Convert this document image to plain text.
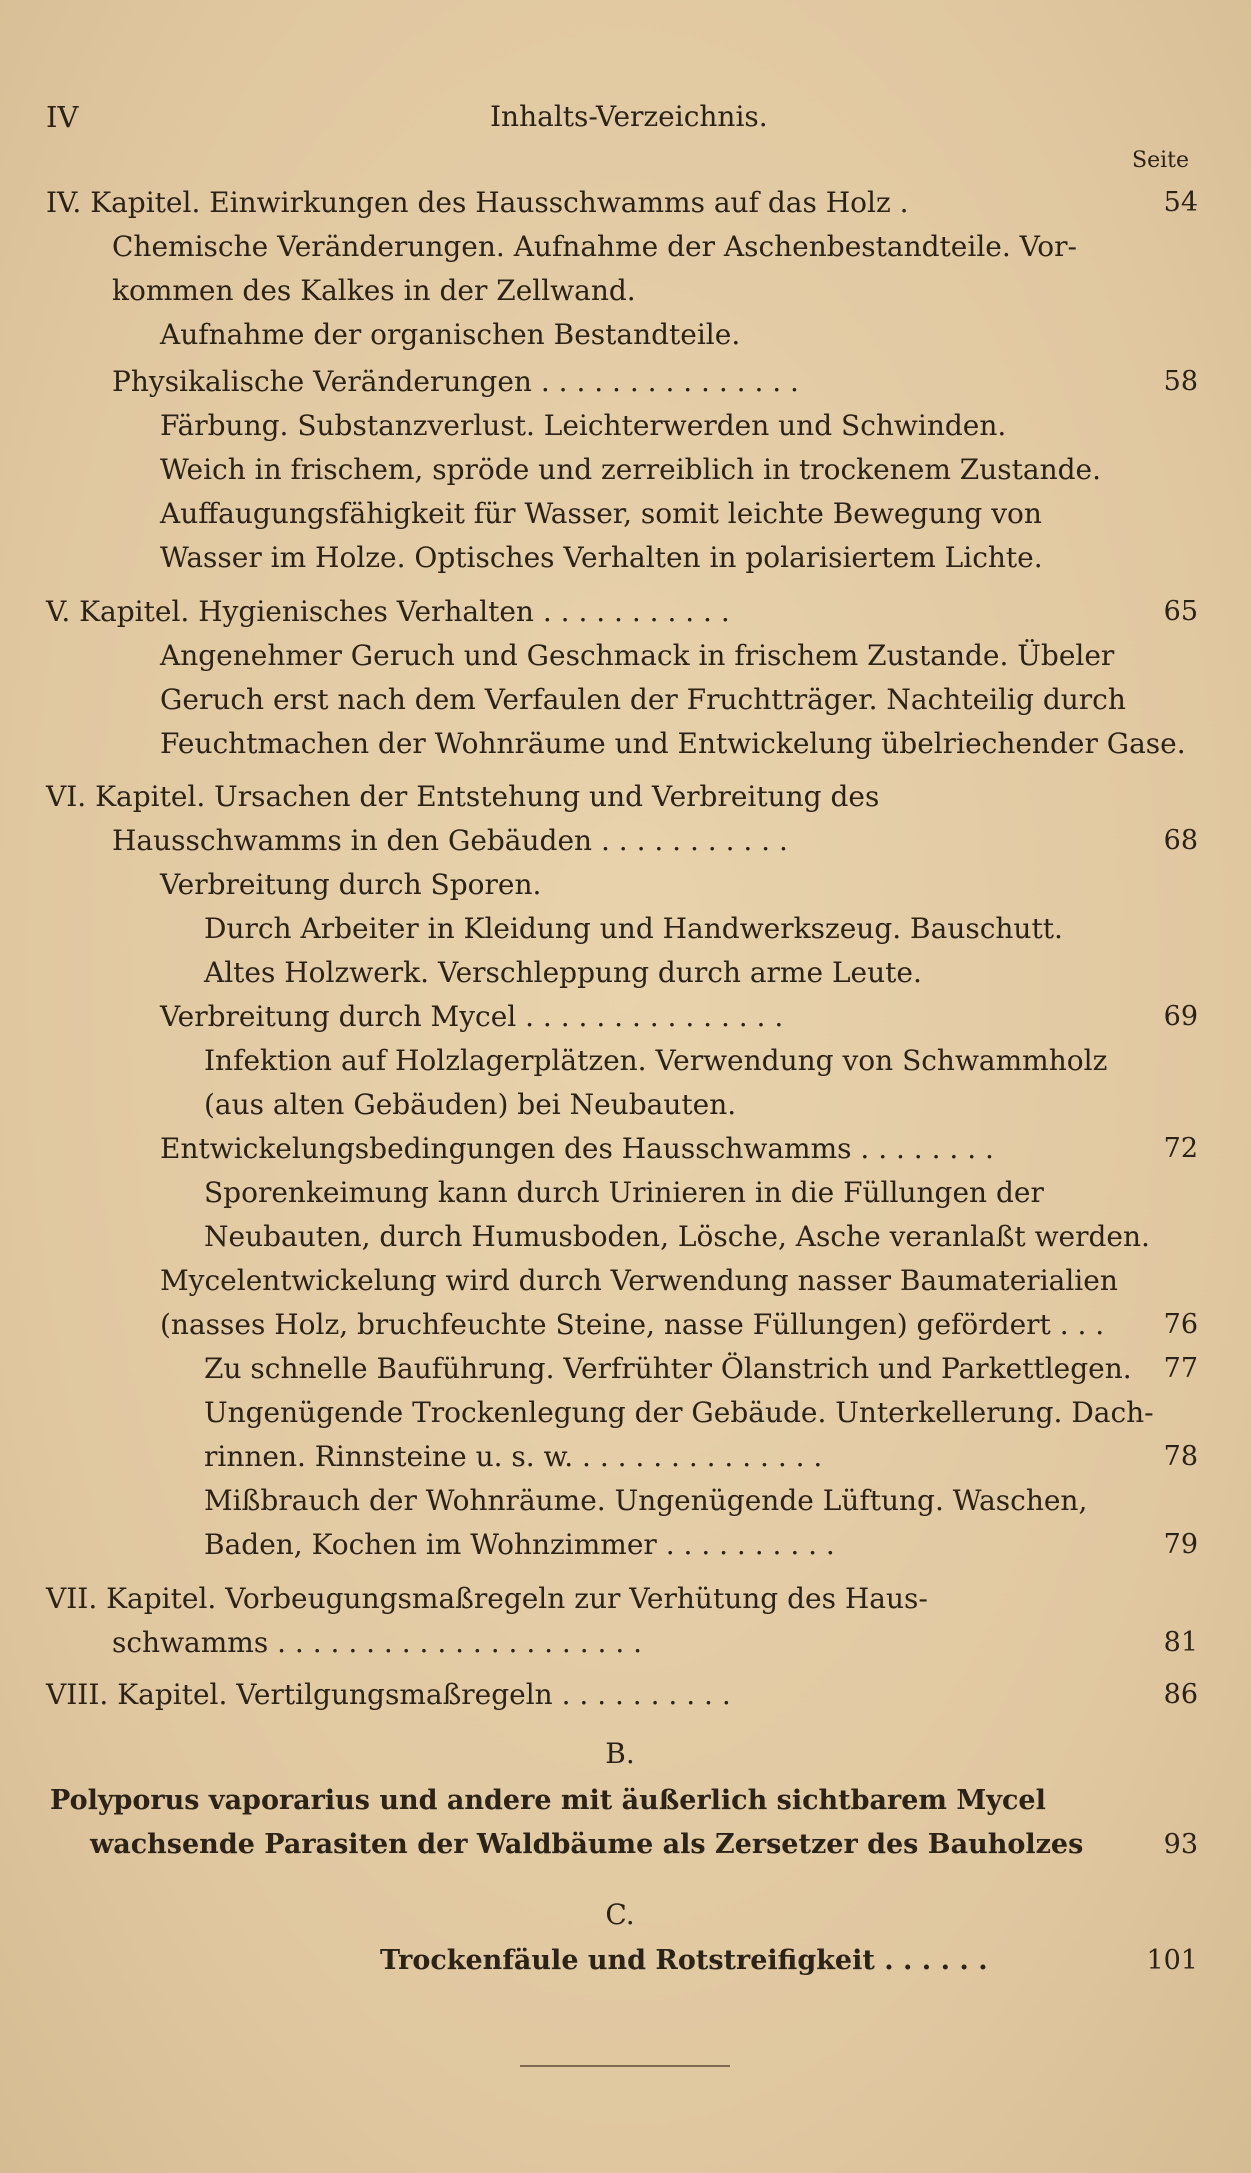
IV	Inhalts-Verzeichnis.
Seite
IV. Kapitel. Einwirkungen des Hausschwamms auf das Holz .	54
Chemische Veränderungen. Aufnahme der Aschenbestandteile. Vor-
kommen des Kalkes in der Zellwand.
Aufnahme der organischen Bestandteile.
Physikalische Veränderungen . . . . . . . . . . . . . . .	58
Färbung. Substanzverlust. Leichterwerden und Schwinden.
Weich in frischem, spröde und zerreiblich in trockenem Zustande.
Auffaugungsfähigkeit für Wasser, somit leichte Bewegung von
Wasser im Holze. Optisches Verhalten in polarisiertem Lichte.
V. Kapitel. Hygienisches Verhalten . . . . . . . . . . .	65
Angenehmer Geruch und Geschmack in frischem Zustande. Übeler
Geruch erst nach dem Verfaulen der Fruchtträger. Nachteilig durch
Feuchtmachen der Wohnräume und Entwickelung übelriechender Gase.
VI. Kapitel. Ursachen der Entstehung und Verbreitung des
Hausschwamms in den Gebäuden . . . . . . . . . . .	68
Verbreitung durch Sporen.
Durch Arbeiter in Kleidung und Handwerkszeug. Bauschutt.
Altes Holzwerk. Verschleppung durch arme Leute.
Verbreitung durch Mycel . . . . . . . . . . . . . . .	69
Infektion auf Holzlagerplätzen. Verwendung von Schwammholz
(aus alten Gebäuden) bei Neubauten.
Entwickelungsbedingungen des Hausschwamms . . . . . . . .	72
Sporenkeimung kann durch Urinieren in die Füllungen der
Neubauten, durch Humusboden, Lösche, Asche veranlaßt werden.
Mycelentwickelung wird durch Verwendung nasser Baumaterialien
(nasses Holz, bruchfeuchte Steine, nasse Füllungen) gefördert . . .	76
Zu schnelle Bauführung. Verfrühter Ölanstrich und Parkettlegen.	77
Ungenügende Trockenlegung der Gebäude. Unterkellerung. Dach-
rinnen. Rinnsteine u. s. w. . . . . . . . . . . . . . .	78
Mißbrauch der Wohnräume. Ungenügende Lüftung. Waschen,
Baden, Kochen im Wohnzimmer . . . . . . . . . .	79
VII. Kapitel. Vorbeugungsmaßregeln zur Verhütung des Haus-
schwamms . . . . . . . . . . . . . . . . . . . . .	81
VIII. Kapitel. Vertilgungsmaßregeln . . . . . . . . . .	86
B.
Polyporus vaporarius und andere mit äußerlich sichtbarem Mycel
wachsende Parasiten der Waldbäume als Zersetzer des Bauholzes	93
C.
Trockenfäule und Rotstreifigkeit . . . . . .	101
